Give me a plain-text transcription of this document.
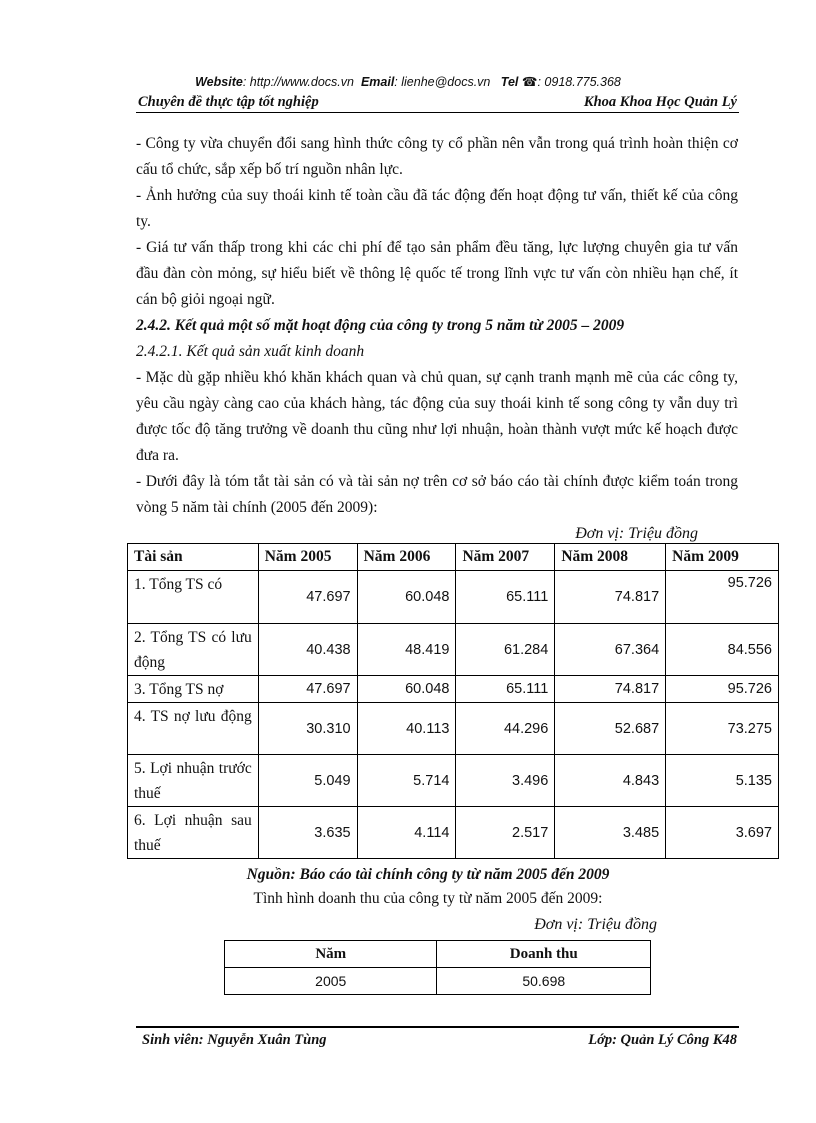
Website: http://www.docs.vn Email: lienhe@docs.vn Tel ☎: 0918.775.368
Chuyên đề thực tập tốt nghiệp	Khoa Khoa Học Quản Lý

- Công ty vừa chuyển đổi sang hình thức công ty cổ phần nên vẫn trong quá trình hoàn thiện cơ cấu tổ chức, sắp xếp bố trí nguồn nhân lực.

- Ảnh hưởng của suy thoái kinh tế toàn cầu đã tác động đến hoạt động tư vấn, thiết kế của công ty.

- Giá tư vấn thấp trong khi các chi phí để tạo sản phẩm đều tăng, lực lượng chuyên gia tư vấn đầu đàn còn mỏng, sự hiểu biết về thông lệ quốc tế trong lĩnh vực tư vấn còn nhiều hạn chế, ít cán bộ giỏi ngoại ngữ.

2.4.2. Kết quả một số mặt hoạt động của công ty trong 5 năm từ 2005 – 2009

2.4.2.1. Kết quả sản xuất kinh doanh

- Mặc dù gặp nhiều khó khăn khách quan và chủ quan, sự cạnh tranh mạnh mẽ của các công ty, yêu cầu ngày càng cao của khách hàng, tác động của suy thoái kinh tế song công ty vẫn duy trì được tốc độ tăng trưởng về doanh thu cũng như lợi nhuận, hoàn thành vượt mức kế hoạch được đưa ra.

- Dưới đây là tóm tắt tài sản có và tài sản nợ trên cơ sở báo cáo tài chính được kiểm toán trong vòng 5 năm tài chính (2005 đến 2009):

Đơn vị: Triệu đồng

Tài sản	Năm 2005	Năm 2006	Năm 2007	Năm 2008	Năm 2009
1. Tổng TS có	47.697	60.048	65.111	74.817	95.726
2. Tổng TS có lưu động	40.438	48.419	61.284	67.364	84.556
3. Tổng TS nợ	47.697	60.048	65.111	74.817	95.726
4. TS nợ lưu động	30.310	40.113	44.296	52.687	73.275
5. Lợi nhuận trước thuế	5.049	5.714	3.496	4.843	5.135
6. Lợi nhuận sau thuế	3.635	4.114	2.517	3.485	3.697
Nguồn: Báo cáo tài chính công ty từ năm 2005 đến 2009
Tình hình doanh thu của công ty từ năm 2005 đến 2009:
Đơn vị: Triệu đồng
Năm	Doanh thu
2005	50.698
Sinh viên: Nguyễn Xuân Tùng	Lớp: Quản Lý Công K48
